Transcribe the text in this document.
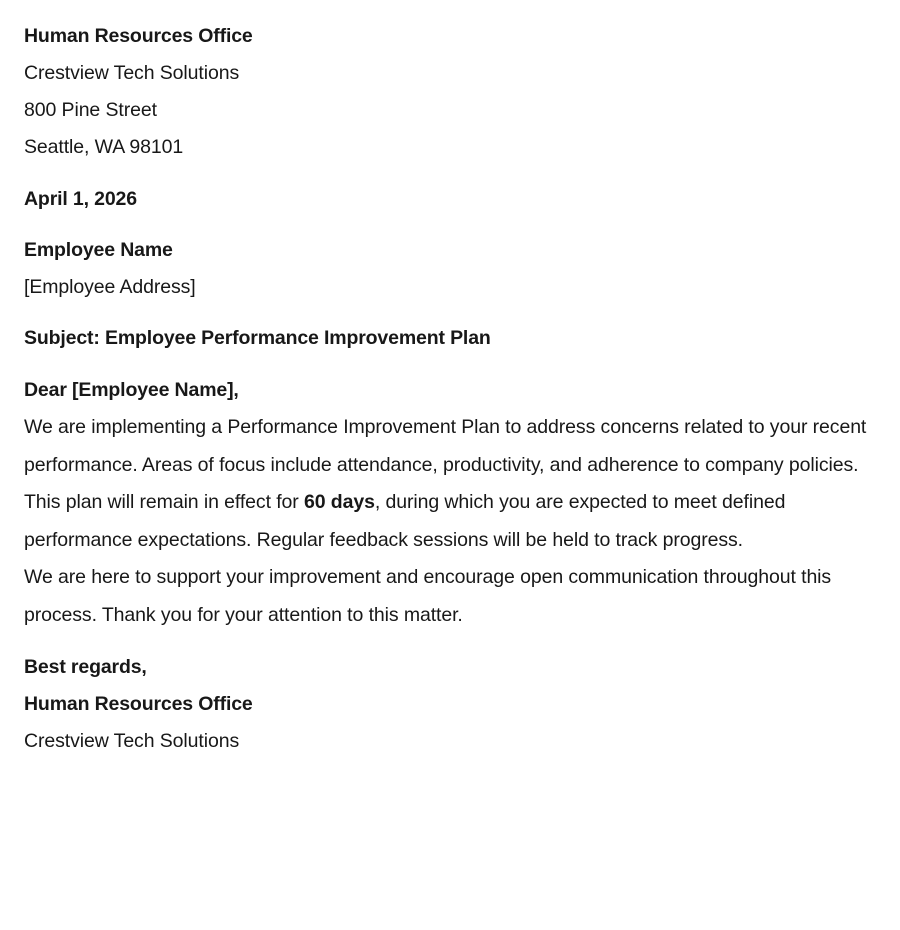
Human Resources Office
Crestview Tech Solutions
800 Pine Street
Seattle, WA 98101
April 1, 2026
Employee Name
[Employee Address]
Subject: Employee Performance Improvement Plan
Dear [Employee Name],

We are implementing a Performance Improvement Plan to address concerns related to your recent performance. Areas of focus include attendance, productivity, and adherence to company policies.

This plan will remain in effect for 60 days, during which you are expected to meet defined performance expectations. Regular feedback sessions will be held to track progress.

We are here to support your improvement and encourage open communication throughout this process. Thank you for your attention to this matter.

Best regards,
Human Resources Office
Crestview Tech Solutions
